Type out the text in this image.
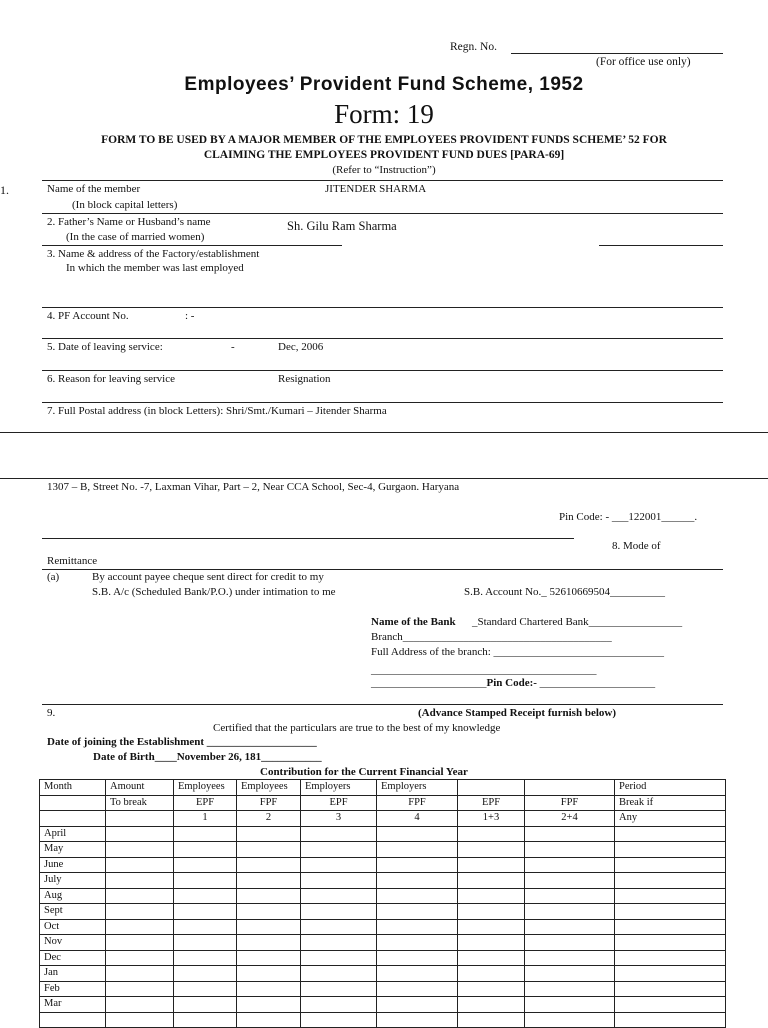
Regn. No.
(For office use only)
Employees’ Provident Fund Scheme, 1952
Form: 19
FORM TO BE USED BY A MAJOR MEMBER OF THE EMPLOYEES PROVIDENT FUNDS SCHEME’ 52 FOR
CLAIMING THE EMPLOYEES PROVIDENT FUND DUES [PARA-69]
(Refer to “Instruction”)
1.	Name of the member	JITENDER SHARMA
(In block capital letters)
2. Father’s Name or Husband’s name	Sh. Gilu Ram Sharma
(In the case of married women)
3. Name & address of the Factory/establishment
In which the member was last employed
4. PF Account No.	: -
5. Date of leaving service:	-	Dec, 2006
6. Reason for leaving service	Resignation
7. Full Postal address (in block Letters): Shri/Smt./Kumari – Jitender Sharma
1307 – B, Street No. -7, Laxman Vihar, Part – 2, Near CCA School, Sec-4, Gurgaon. Haryana
Pin Code: - ___122001______.
8. Mode of
Remittance
(a)	By account payee cheque sent direct for credit to my
S.B. A/c (Scheduled Bank/P.O.) under intimation to me	S.B. Account No._ 52610669504__________
Name of the Bank _Standard Chartered Bank_________________
Branch______________________________________
Full Address of the branch: _______________________________
_________________________________________
_____________________Pin Code:- _____________________
9.	(Advance Stamped Receipt furnish below)
Certified that the particulars are true to the best of my knowledge
Date of joining the Establishment ____________________
Date of Birth____November 26, 181___________
Contribution for the Current Financial Year
Month	Amount	Employees	Employees	Employers	Employers			Period
	To break	EPF	FPF	EPF	FPF	EPF	FPF	Break if
		1	2	3	4	1+3	2+4	Any
April								
May								
June								
July								
Aug								
Sept								
Oct								
Nov								
Dec								
Jan								
Feb								
Mar								
